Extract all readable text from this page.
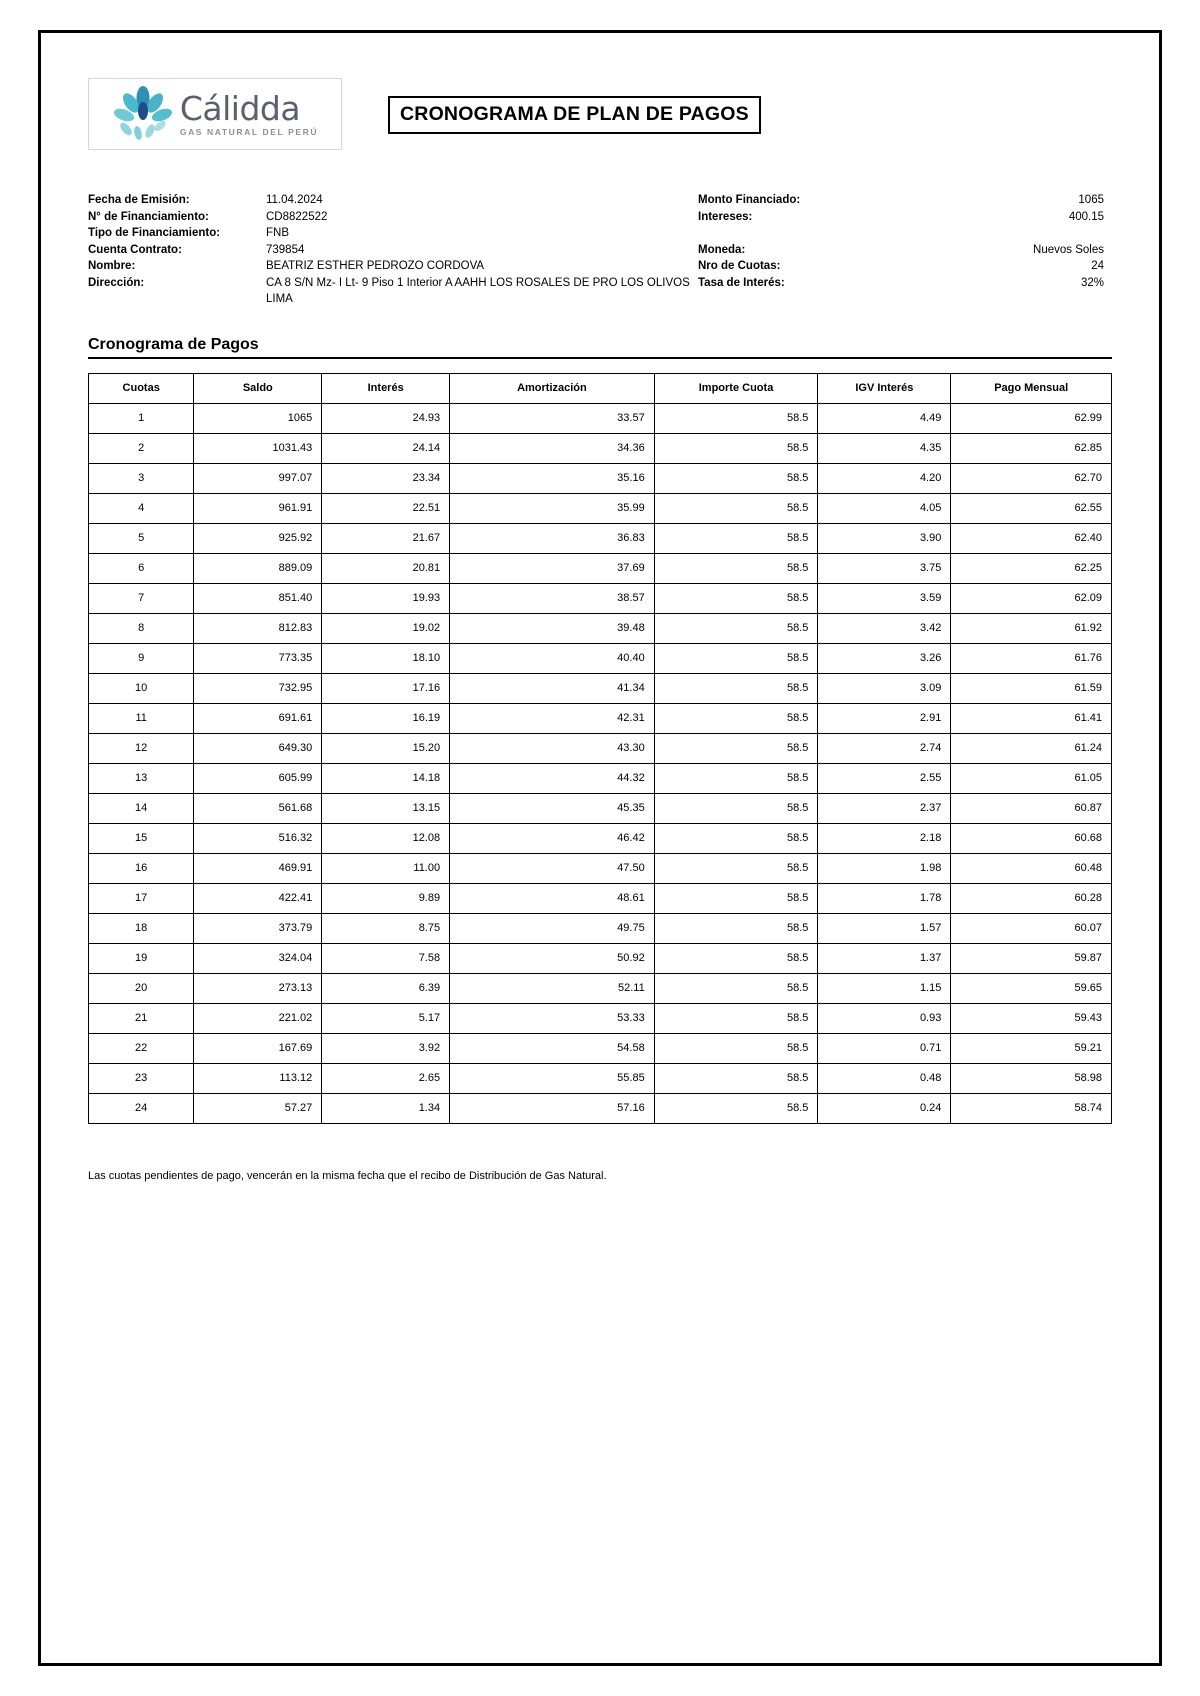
Cálidda
GAS NATURAL DEL PERÚ
CRONOGRAMA DE PLAN DE PAGOS
Fecha de Emisión:	11.04.2024
N° de Financiamiento:	CD8822522
Tipo de Financiamiento:	FNB
Cuenta Contrato:	739854
Nombre:	BEATRIZ ESTHER PEDROZO CORDOVA
Dirección:	CA 8 S/N Mz- I Lt- 9 Piso 1 Interior A AAHH LOS ROSALES DE PRO LOS OLIVOS LIMA
Monto Financiado:	1065
Intereses:	400.15
Moneda:	Nuevos Soles
Nro de Cuotas:	24
Tasa de Interés:	32%
Cronograma de Pagos
Cuotas	Saldo	Interés	Amortización	Importe Cuota	IGV Interés	Pago Mensual
1	1065	24.93	33.57	58.5	4.49	62.99
2	1031.43	24.14	34.36	58.5	4.35	62.85
3	997.07	23.34	35.16	58.5	4.20	62.70
4	961.91	22.51	35.99	58.5	4.05	62.55
5	925.92	21.67	36.83	58.5	3.90	62.40
6	889.09	20.81	37.69	58.5	3.75	62.25
7	851.40	19.93	38.57	58.5	3.59	62.09
8	812.83	19.02	39.48	58.5	3.42	61.92
9	773.35	18.10	40.40	58.5	3.26	61.76
10	732.95	17.16	41.34	58.5	3.09	61.59
11	691.61	16.19	42.31	58.5	2.91	61.41
12	649.30	15.20	43.30	58.5	2.74	61.24
13	605.99	14.18	44.32	58.5	2.55	61.05
14	561.68	13.15	45.35	58.5	2.37	60.87
15	516.32	12.08	46.42	58.5	2.18	60.68
16	469.91	11.00	47.50	58.5	1.98	60.48
17	422.41	9.89	48.61	58.5	1.78	60.28
18	373.79	8.75	49.75	58.5	1.57	60.07
19	324.04	7.58	50.92	58.5	1.37	59.87
20	273.13	6.39	52.11	58.5	1.15	59.65
21	221.02	5.17	53.33	58.5	0.93	59.43
22	167.69	3.92	54.58	58.5	0.71	59.21
23	113.12	2.65	55.85	58.5	0.48	58.98
24	57.27	1.34	57.16	58.5	0.24	58.74
Las cuotas pendientes de pago, vencerán en la misma fecha que el recibo de Distribución de Gas Natural.
